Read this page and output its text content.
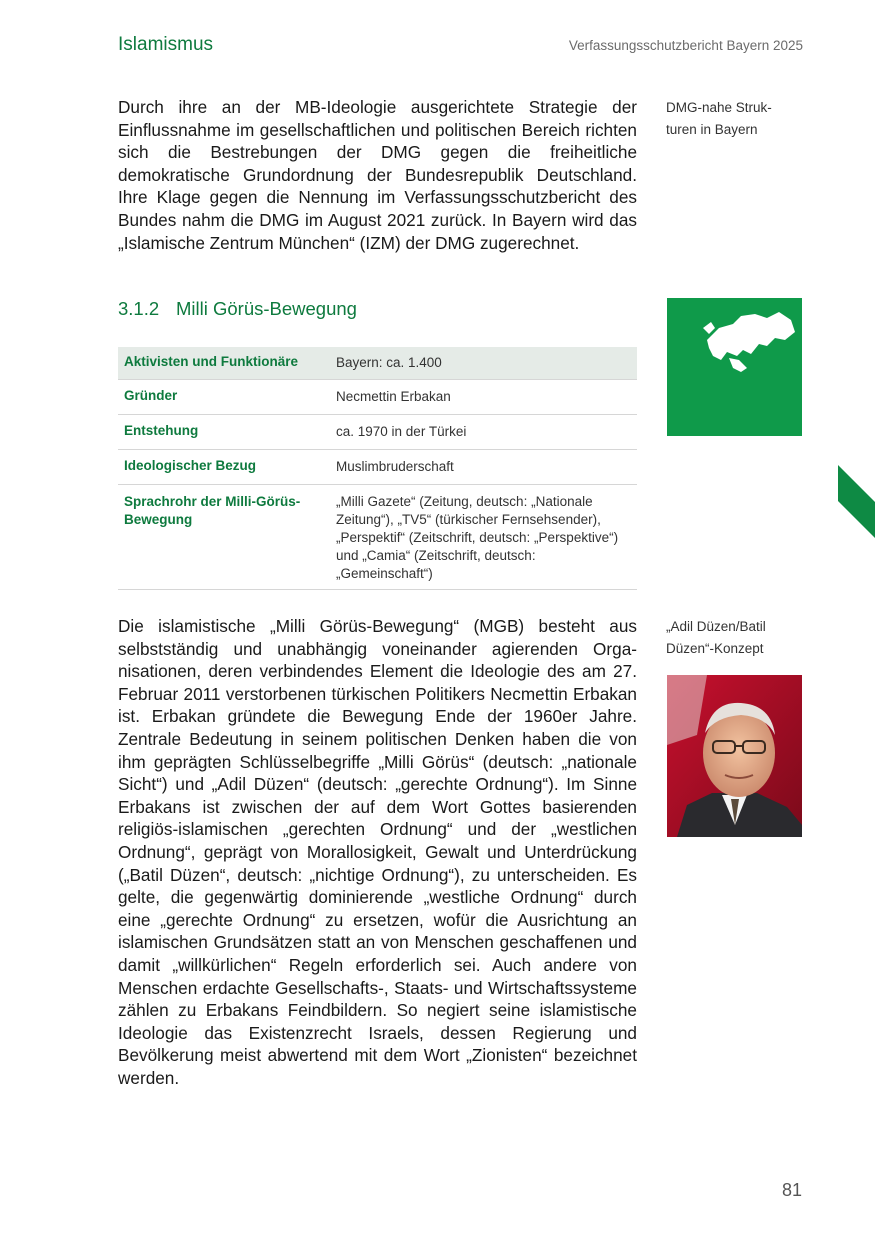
Islamismus	Verfassungsschutzbericht Bayern 2025

Durch ihre an der MB-Ideologie ausgerichtete Strategie der Einflussnahme im gesellschaftlichen und politischen Bereich richten sich die Bestrebungen der DMG gegen die freiheitliche demokratische Grundordnung der Bundesrepublik Deutschland. Ihre Klage gegen die Nennung im Verfassungsschutzbericht des Bundes nahm die DMG im August 2021 zurück. In Bayern wird das „Islamische Zentrum München“ (IZM) der DMG zugerechnet.

DMG-nahe Strukturen in Bayern
3.1.2 Milli Görüs-Bewegung
Aktivisten und Funktionäre	Bayern: ca. 1.400
Gründer	Necmettin Erbakan
Entstehung	ca. 1970 in der Türkei
Ideologischer Bezug	Muslimbruderschaft
Sprachrohr der Milli-Görüs-Bewegung	„Milli Gazete“ (Zeitung, deutsch: „Nationale Zeitung“), „TV5“ (türkischer Fernsehsender), „Perspektif“ (Zeitschrift, deutsch: „Perspektive“) und „Camia“ (Zeitschrift, deutsch: „Gemeinschaft“)

Die islamistische „Milli Görüs-Bewegung“ (MGB) besteht aus selbstständig und unabhängig voneinander agierenden Organisationen, deren verbindendes Element die Ideologie des am 27. Februar 2011 verstorbenen türkischen Politikers Necmettin Erbakan ist. Erbakan gründete die Bewegung Ende der 1960er Jahre. Zentrale Bedeutung in seinem politischen Denken haben die von ihm geprägten Schlüsselbegriffe „Milli Görüs“ (deutsch: „nationale Sicht“) und „Adil Düzen“ (deutsch: „gerechte Ordnung“). Im Sinne Erbakans ist zwischen der auf dem Wort Gottes basierenden religiös-islamischen „gerechten Ordnung“ und der „westlichen Ordnung“, geprägt von Morallosigkeit, Gewalt und Unterdrückung („Batil Düzen“, deutsch: „nichtige Ordnung“), zu unterscheiden. Es gelte, die gegenwärtig dominierende „westliche Ordnung“ durch eine „gerechte Ordnung“ zu ersetzen, wofür die Ausrichtung an islamischen Grundsätzen statt an von Menschen geschaffenen und damit „willkürlichen“ Regeln erforderlich sei. Auch andere von Menschen erdachte Gesellschafts-, Staats- und Wirtschaftssysteme zählen zu Erbakans Feindbildern. So negiert seine islamistische Ideologie das Existenzrecht Israels, dessen Regierung und Bevölkerung meist abwertend mit dem Wort „Zionisten“ bezeichnet werden.

„Adil Düzen/Batil Düzen“-Konzept
81
